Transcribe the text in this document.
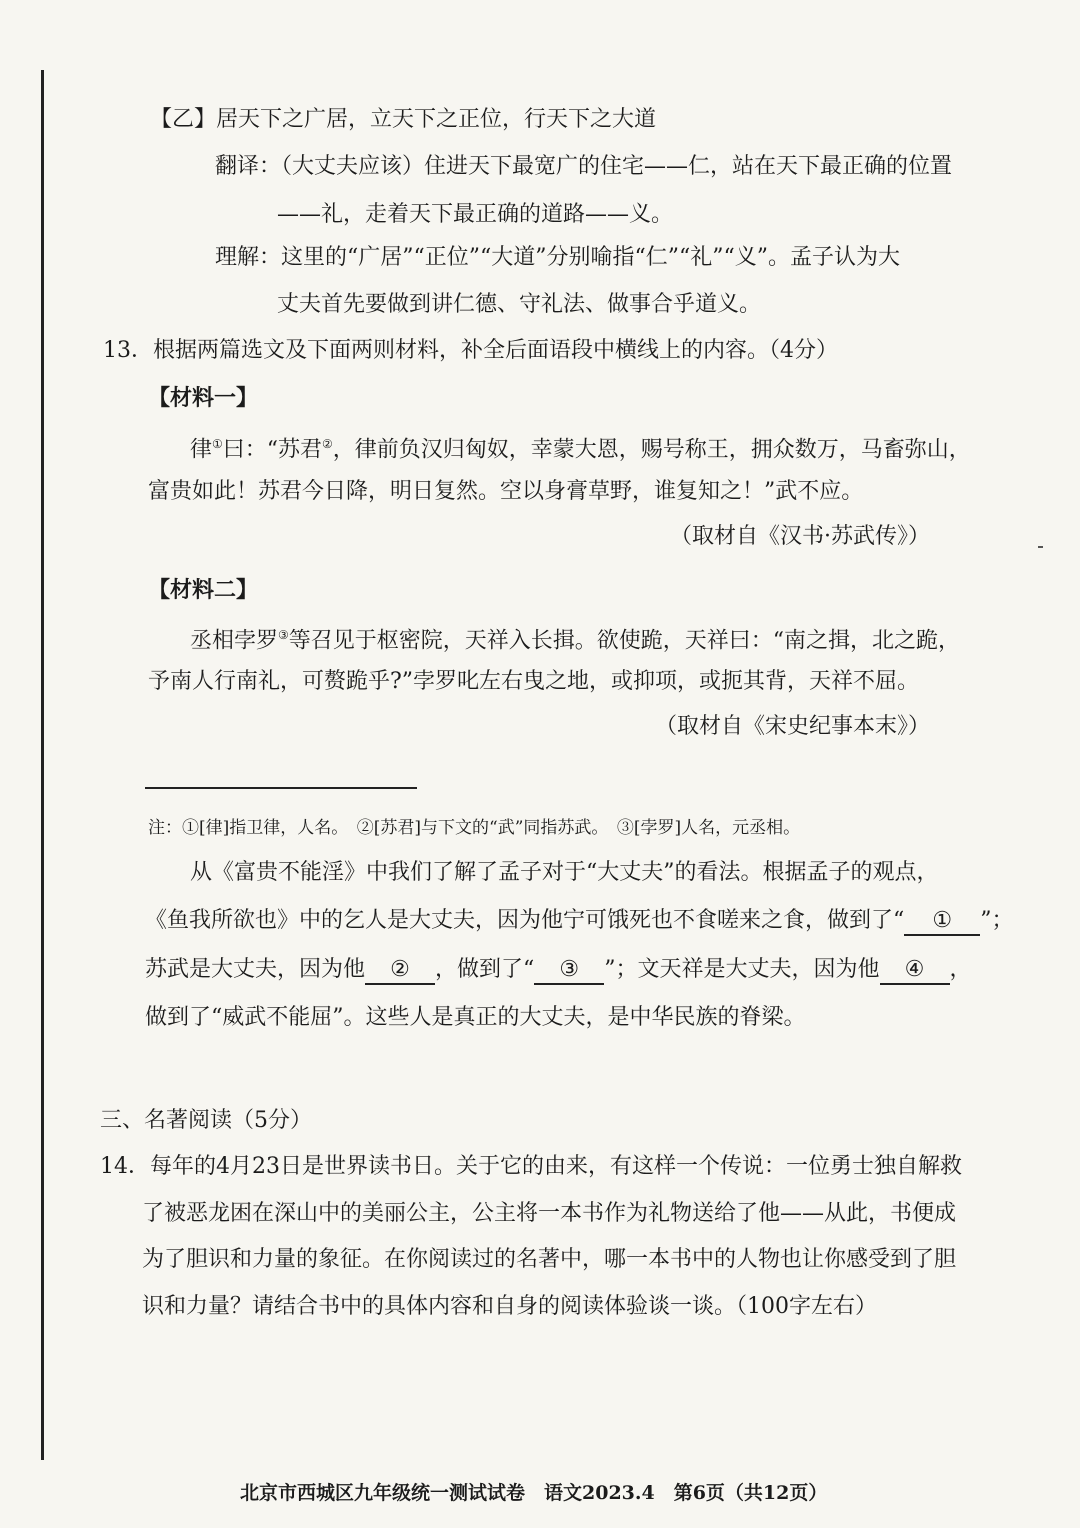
【乙】居天下之广居，立天下之正位，行天下之大道
翻译：（大丈夫应该）住进天下最宽广的住宅——仁，站在天下最正确的位置
——礼，走着天下最正确的道路——义。
理解：这里的“广居”“正位”“大道”分别喻指“仁”“礼”“义”。孟子认为大
丈夫首先要做到讲仁德、守礼法、做事合乎道义。
13．根据两篇选文及下面两则材料，补全后面语段中横线上的内容。（4分）
【材料一】
律①曰：“苏君②，律前负汉归匈奴，幸蒙大恩，赐号称王，拥众数万，马畜弥山，
富贵如此！苏君今日降，明日复然。空以身膏草野，谁复知之！”武不应。
（取材自《汉书·苏武传》）
【材料二】
丞相孛罗③等召见于枢密院，天祥入长揖。欲使跪，天祥曰：“南之揖，北之跪，
予南人行南礼，可赘跪乎?”孛罗叱左右曳之地，或抑项，或扼其背，天祥不屈。
（取材自《宋史纪事本末》）
注：①[律]指卫律，人名。　②[苏君]与下文的“武”同指苏武。　③[孛罗]人名，元丞相。
从《富贵不能淫》中我们了解了孟子对于“大丈夫”的看法。根据孟子的观点，
《鱼我所欲也》中的乞人是大丈夫，因为他宁可饿死也不食嗟来之食，做到了“ ① ”；
苏武是大丈夫，因为他 ② ，做到了“ ③ ”；文天祥是大丈夫，因为他 ④ ，
做到了“威武不能屈”。这些人是真正的大丈夫，是中华民族的脊梁。
三、名著阅读（5分）
14．每年的4月23日是世界读书日。关于它的由来，有这样一个传说：一位勇士独自解救
了被恶龙困在深山中的美丽公主，公主将一本书作为礼物送给了他——从此，书便成
为了胆识和力量的象征。在你阅读过的名著中，哪一本书中的人物也让你感受到了胆
识和力量？请结合书中的具体内容和自身的阅读体验谈一谈。（100字左右）
北京市西城区九年级统一测试试卷　语文2023.4　第6页（共12页）
